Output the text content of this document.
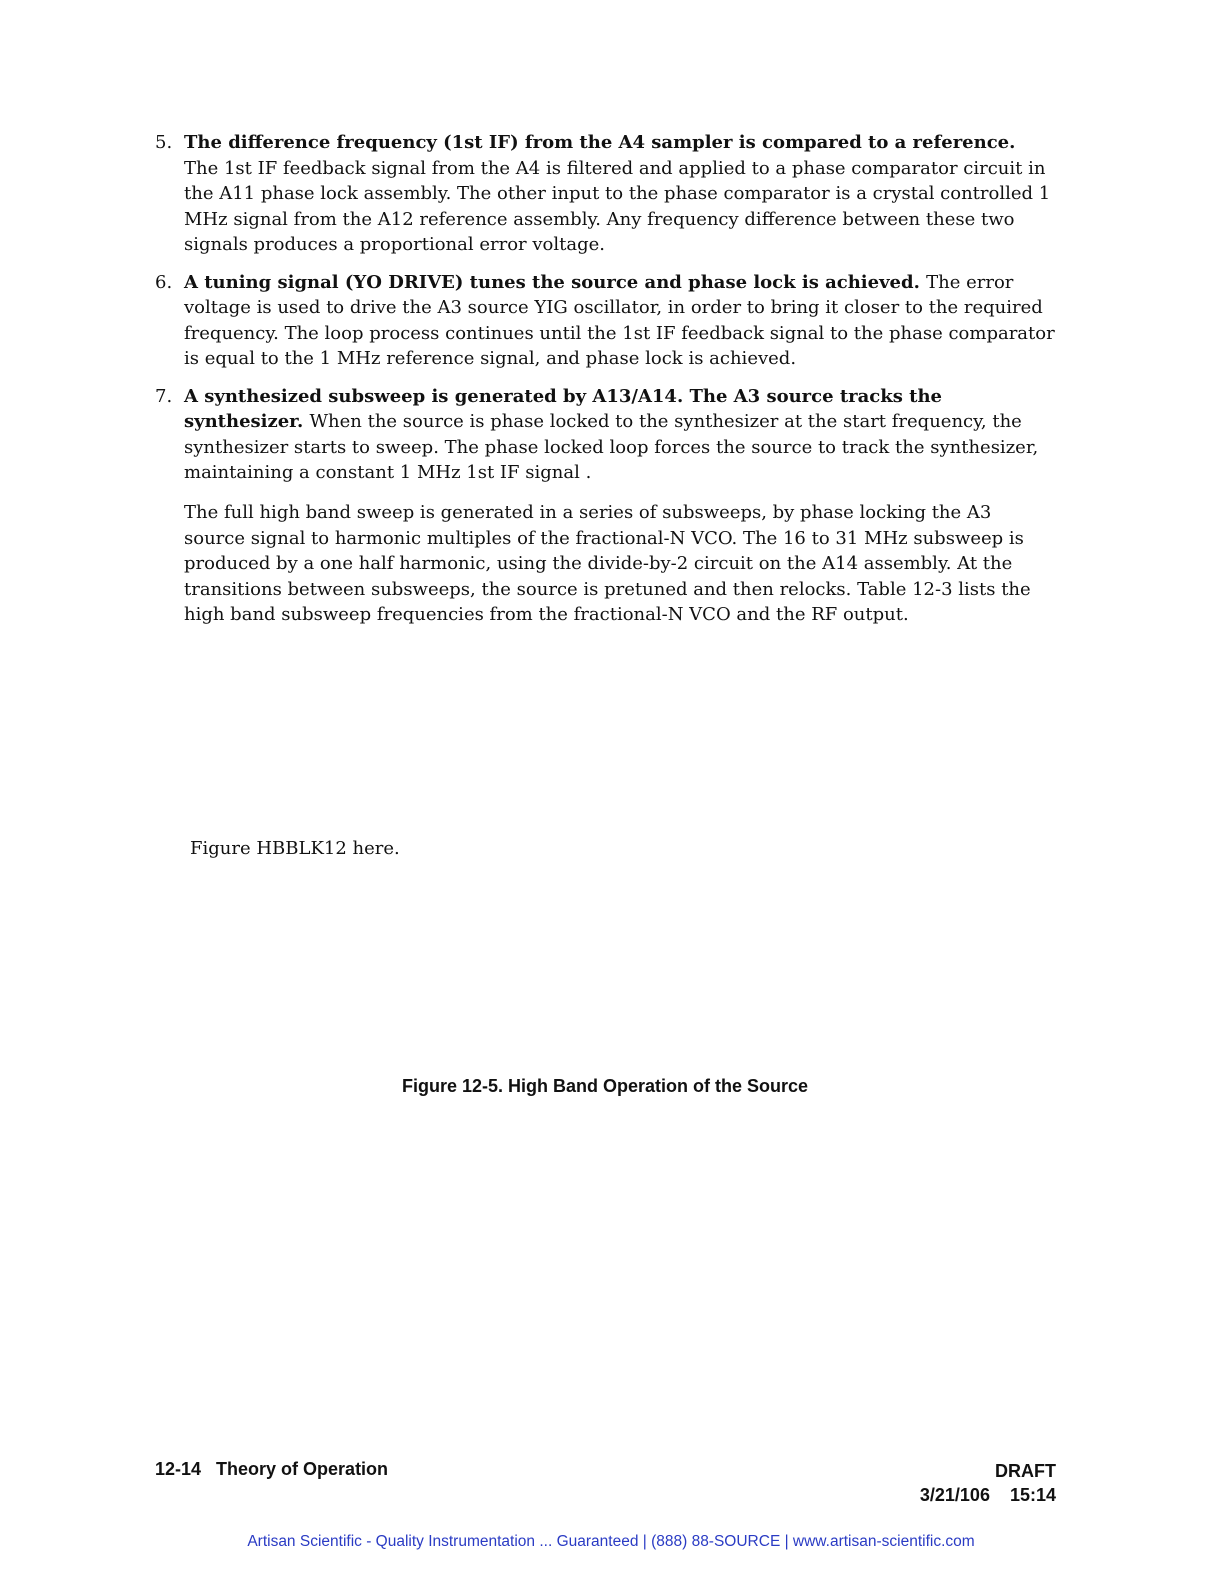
5. The difference frequency (1st IF) from the A4 sampler is compared to a reference. The 1st IF feedback signal from the A4 is filtered and applied to a phase comparator circuit in the A11 phase lock assembly. The other input to the phase comparator is a crystal controlled 1 MHz signal from the A12 reference assembly. Any frequency difference between these two signals produces a proportional error voltage.
6. A tuning signal (YO DRIVE) tunes the source and phase lock is achieved. The error voltage is used to drive the A3 source YIG oscillator, in order to bring it closer to the required frequency. The loop process continues until the 1st IF feedback signal to the phase comparator is equal to the 1 MHz reference signal, and phase lock is achieved.
7. A synthesized subsweep is generated by A13/A14. The A3 source tracks the synthesizer. When the source is phase locked to the synthesizer at the start frequency, the synthesizer starts to sweep. The phase locked loop forces the source to track the synthesizer, maintaining a constant 1 MHz 1st IF signal .

The full high band sweep is generated in a series of subsweeps, by phase locking the A3 source signal to harmonic multiples of the fractional-N VCO. The 16 to 31 MHz subsweep is produced by a one half harmonic, using the divide-by-2 circuit on the A14 assembly. At the transitions between subsweeps, the source is pretuned and then relocks. Table 12-3 lists the high band subsweep frequencies from the fractional-N VCO and the RF output.

Figure HBBLK12 here.
Figure 12-5. High Band Operation of the Source
12-14   Theory of Operation	DRAFT
3/21/106    15:14
Artisan Scientific - Quality Instrumentation ... Guaranteed | (888) 88-SOURCE | www.artisan-scientific.com
